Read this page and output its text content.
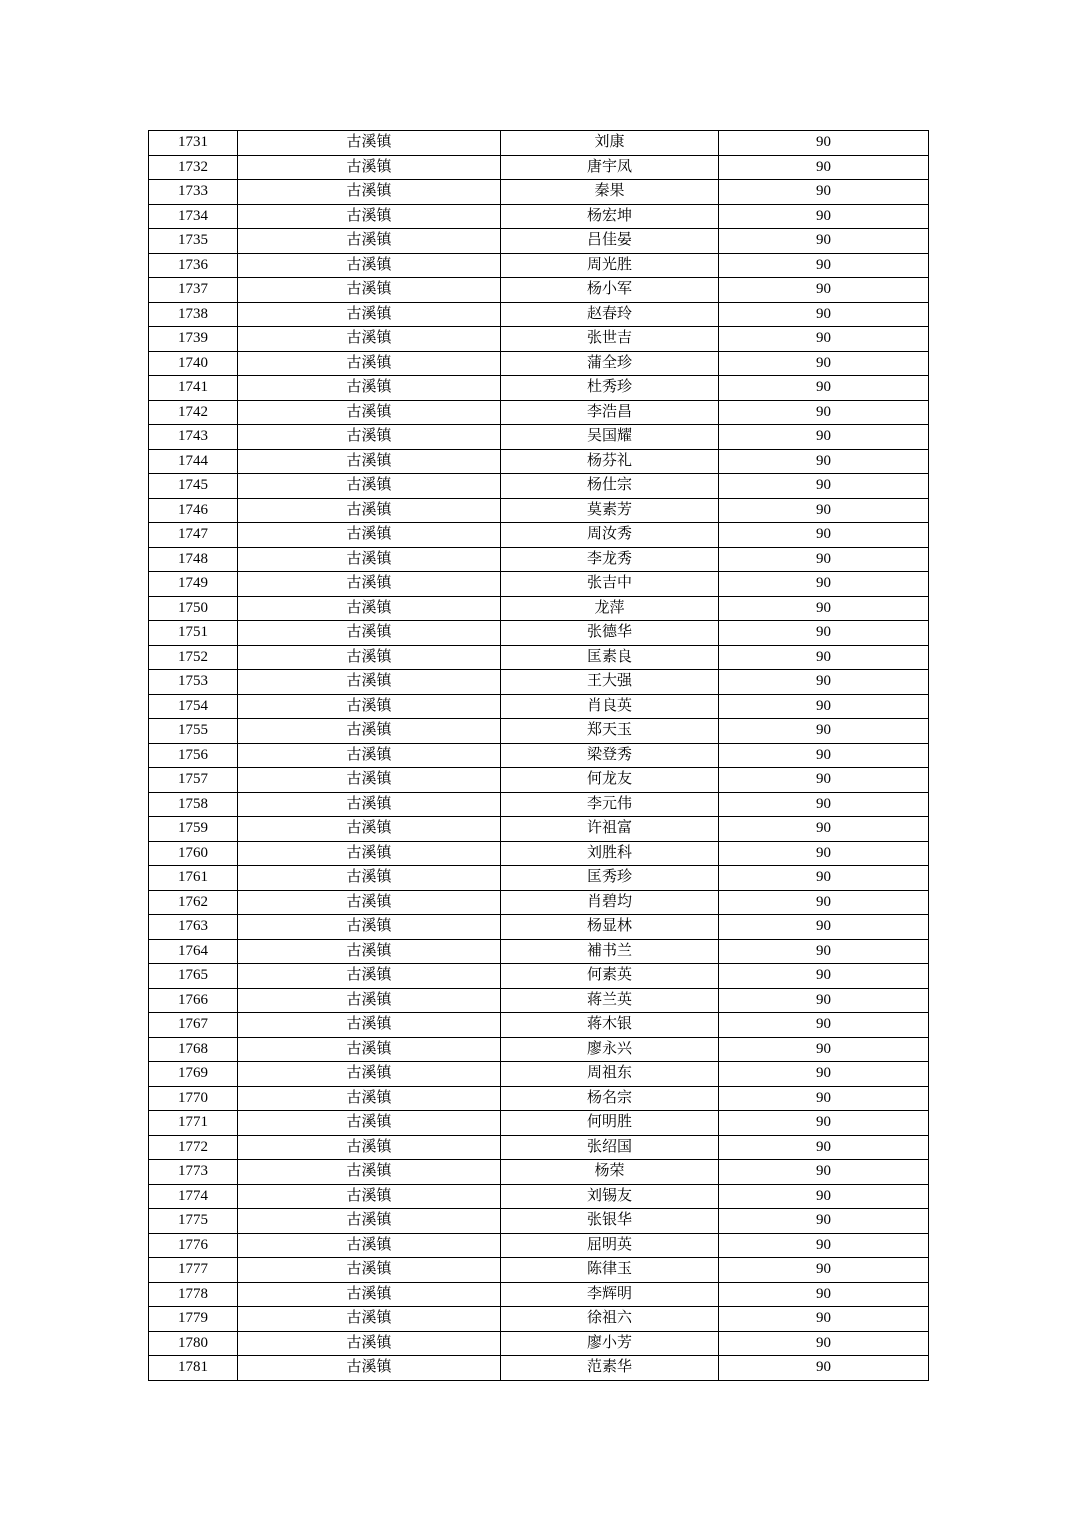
1731	古溪镇	刘康	90
1732	古溪镇	唐宇凤	90
1733	古溪镇	秦果	90
1734	古溪镇	杨宏坤	90
1735	古溪镇	吕佳晏	90
1736	古溪镇	周光胜	90
1737	古溪镇	杨小军	90
1738	古溪镇	赵春玲	90
1739	古溪镇	张世吉	90
1740	古溪镇	蒲全珍	90
1741	古溪镇	杜秀珍	90
1742	古溪镇	李浩昌	90
1743	古溪镇	吴国耀	90
1744	古溪镇	杨芬礼	90
1745	古溪镇	杨仕宗	90
1746	古溪镇	莫素芳	90
1747	古溪镇	周汝秀	90
1748	古溪镇	李龙秀	90
1749	古溪镇	张吉中	90
1750	古溪镇	龙萍	90
1751	古溪镇	张德华	90
1752	古溪镇	匡素良	90
1753	古溪镇	王大强	90
1754	古溪镇	肖良英	90
1755	古溪镇	郑天玉	90
1756	古溪镇	梁登秀	90
1757	古溪镇	何龙友	90
1758	古溪镇	李元伟	90
1759	古溪镇	许祖富	90
1760	古溪镇	刘胜科	90
1761	古溪镇	匡秀珍	90
1762	古溪镇	肖碧均	90
1763	古溪镇	杨显林	90
1764	古溪镇	補书兰	90
1765	古溪镇	何素英	90
1766	古溪镇	蒋兰英	90
1767	古溪镇	蒋木银	90
1768	古溪镇	廖永兴	90
1769	古溪镇	周祖东	90
1770	古溪镇	杨名宗	90
1771	古溪镇	何明胜	90
1772	古溪镇	张绍国	90
1773	古溪镇	杨荣	90
1774	古溪镇	刘锡友	90
1775	古溪镇	张银华	90
1776	古溪镇	屈明英	90
1777	古溪镇	陈律玉	90
1778	古溪镇	李辉明	90
1779	古溪镇	徐祖六	90
1780	古溪镇	廖小芳	90
1781	古溪镇	范素华	90
